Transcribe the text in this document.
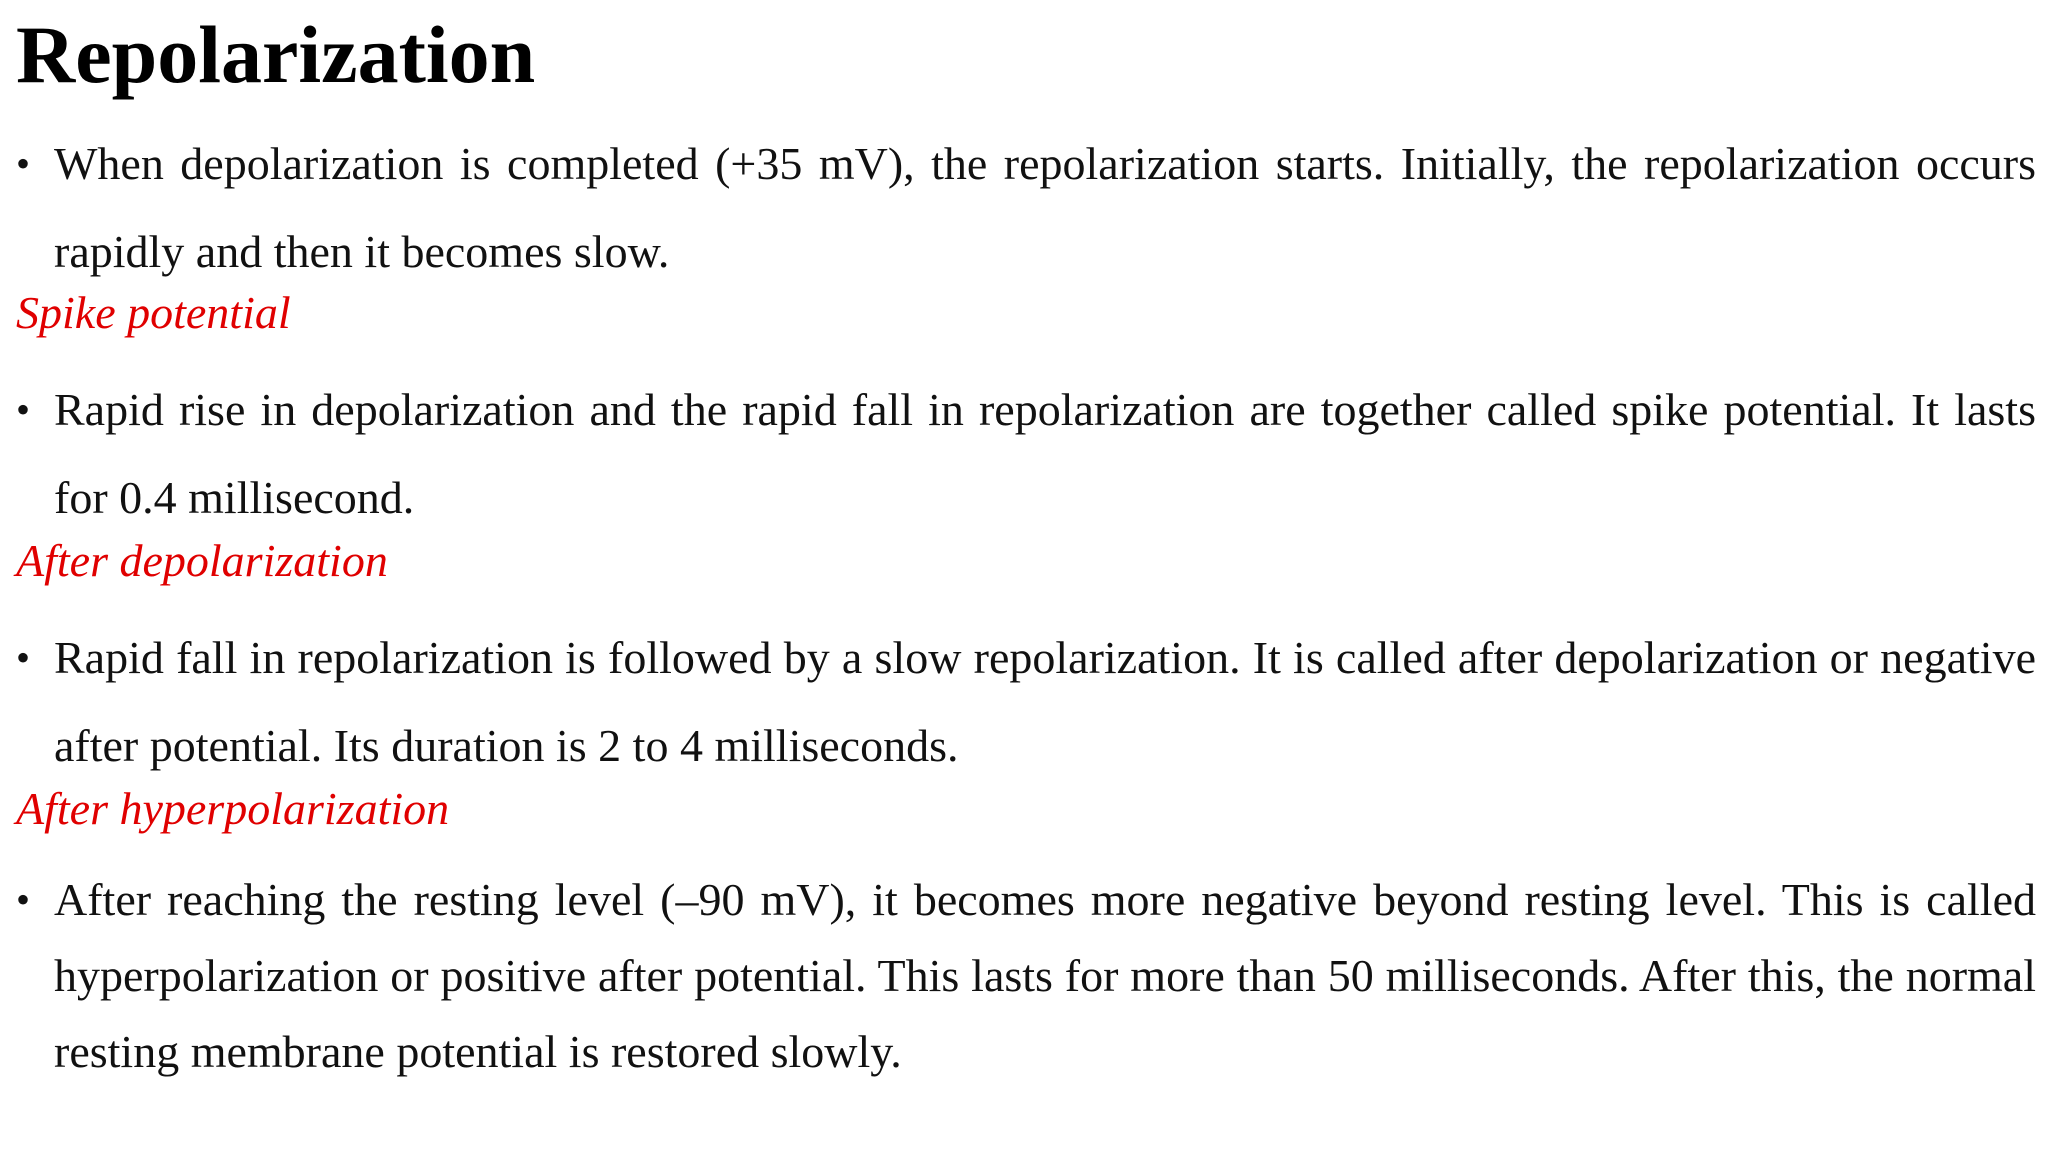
Repolarization
• When depolarization is completed (+35 mV), the repolarization starts. Initially, the repolarization occurs rapidly and then it becomes slow.

Spike potential

• Rapid rise in depolarization and the rapid fall in repolarization are together called spike potential. It lasts for 0.4 millisecond.

After depolarization

• Rapid fall in repolarization is followed by a slow repolarization. It is called after depolarization or negative after potential. Its duration is 2 to 4 milliseconds.

After hyperpolarization

• After reaching the resting level (–90 mV), it becomes more negative beyond resting level. This is called hyperpolarization or positive after potential. This lasts for more than 50 milliseconds. After this, the normal resting membrane potential is restored slowly.
